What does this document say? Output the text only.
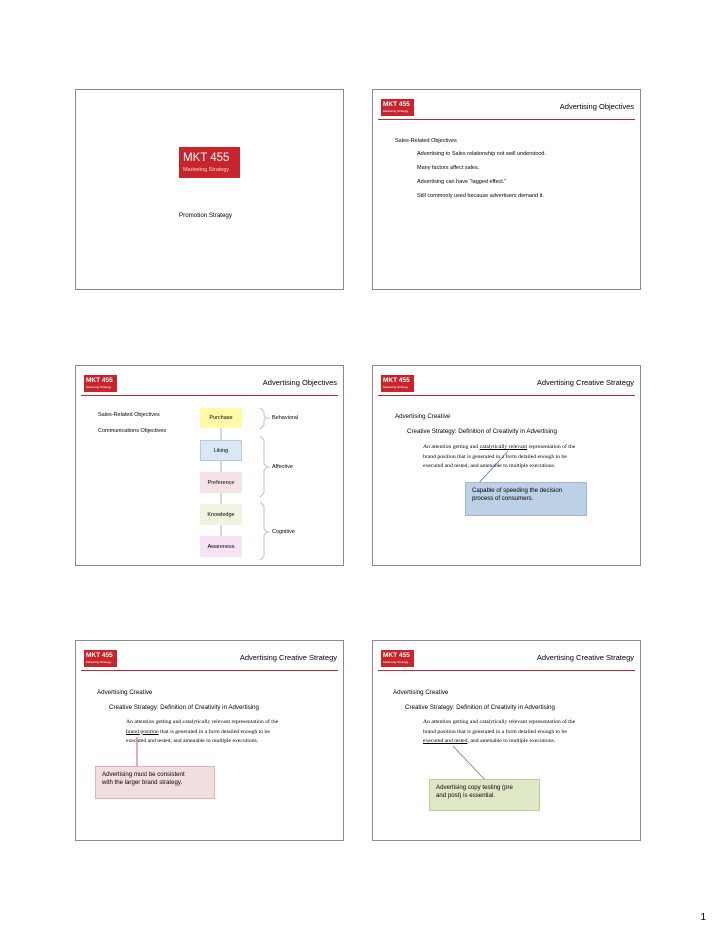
MKT 455
Marketing Strategy
Promotion Strategy
MKT 455
Marketing Strategy	Advertising Objectives
Sales-Related Objectives
Advertising to Sales relationship not well understood.
Many factors affect sales.
Advertising can have “lagged effect.”
Still commonly used because advertisers demand it.
MKT 455
Marketing Strategy	Advertising Objectives
Sales-Related Objectives
Communications Objectives
Purchase
Liking
Preference
Knowledge
Awareness
Behavioral
Affective
Cognitive
MKT 455
Marketing Strategy	Advertising Creative Strategy
Advertising Creative
Creative Strategy: Definition of Creativity in Advertising
An attention getting and catalytically relevant representation of the
brand position that is generated in a form detailed enough to be
executed and tested, and amenable to multiple executions.
Capable of speeding the decision
process of consumers.
MKT 455
Marketing Strategy	Advertising Creative Strategy
Advertising Creative
Creative Strategy: Definition of Creativity in Advertising
An attention getting and catalytically relevant representation of the
brand position that is generated in a form detailed enough to be
executed and tested, and amenable to multiple executions.
Advertising must be consistent
with the larger brand strategy.
MKT 455
Marketing Strategy	Advertising Creative Strategy
Advertising Creative
Creative Strategy: Definition of Creativity in Advertising
An attention getting and catalytically relevant representation of the
brand position that is generated in a form detailed enough to be
executed and tested, and amenable to multiple executions.
Advertising copy testing (pre
and post) is essential.
1
